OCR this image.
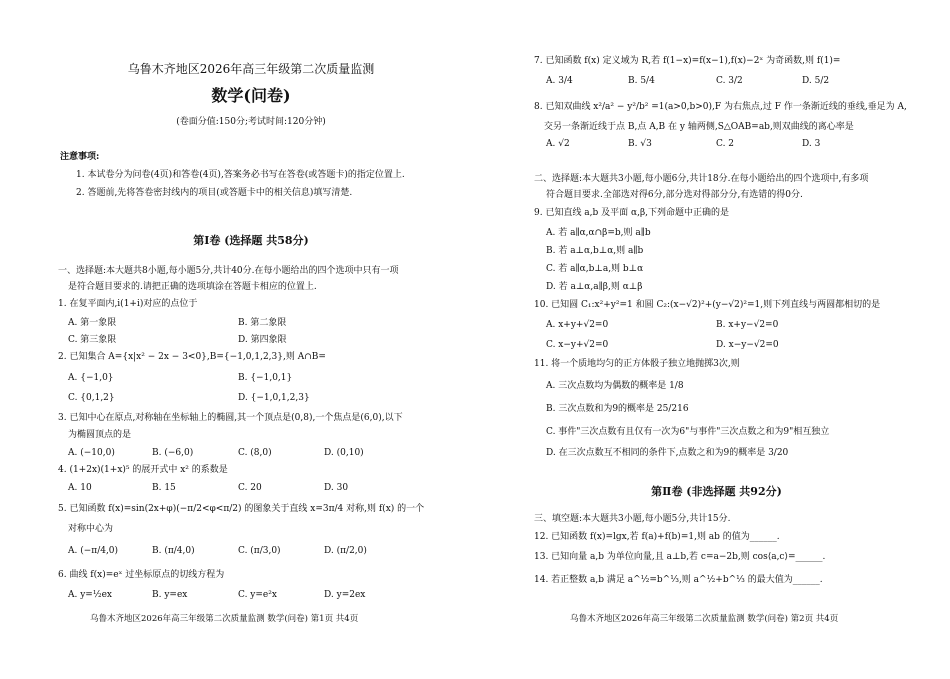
乌鲁木齐地区2026年高三年级第二次质量监测
数学(问卷)
(卷面分值:150分;考试时间:120分钟)
注意事项:
1. 本试卷分为问卷(4页)和答卷(4页),答案务必书写在答卷(或答题卡)的指定位置上.
2. 答题前,先将答卷密封线内的项目(或答题卡中的相关信息)填写清楚.
第Ⅰ卷 (选择题 共58分)
一、选择题:本大题共8小题,每小题5分,共计40分.在每小题给出的四个选项中只有一项
是符合题目要求的.请把正确的选项填涂在答题卡相应的位置上.
1. 在复平面内,i(1+i)对应的点位于
A. 第一象限	B. 第二象限
C. 第三象限	D. 第四象限
2. 已知集合 A={x|x² − 2x − 3<0},B={−1,0,1,2,3},则 A∩B=
A. {−1,0}	B. {−1,0,1}
C. {0,1,2}	D. {−1,0,1,2,3}
3. 已知中心在原点,对称轴在坐标轴上的椭圆,其一个顶点是(0,8),一个焦点是(6,0),以下
为椭圆顶点的是
A. (−10,0)	B. (−6,0)	C. (8,0)	D. (0,10)
4. (1+2x)(1+x)⁵ 的展开式中 x² 的系数是
A. 10	B. 15	C. 20	D. 30
5. 已知函数 f(x)=sin(2x+φ)(−π/2<φ<π/2) 的图象关于直线 x=3π/4 对称,则 f(x) 的一个
对称中心为
A. (−π/4,0)	B. (π/4,0)	C. (π/3,0)	D. (π/2,0)
6. 曲线 f(x)=eˣ 过坐标原点的切线方程为
A. y=½ex	B. y=ex	C. y=e²x	D. y=2ex
乌鲁木齐地区2026年高三年级第二次质量监测 数学(问卷) 第1页 共4页
7. 已知函数 f(x) 定义域为 R,若 f(1−x)=f(x−1),f(x)−2ˣ 为奇函数,则 f(1)=
A. 3/4	B. 5/4	C. 3/2	D. 5/2
8. 已知双曲线 x²/a² − y²/b² =1(a>0,b>0),F 为右焦点,过 F 作一条渐近线的垂线,垂足为 A,
交另一条渐近线于点 B,点 A,B 在 y 轴两侧,S△OAB=ab,则双曲线的离心率是
A. √2	B. √3	C. 2	D. 3
二、选择题:本大题共3小题,每小题6分,共计18分.在每小题给出的四个选项中,有多项
符合题目要求.全部选对得6分,部分选对得部分分,有选错的得0分.
9. 已知直线 a,b 及平面 α,β,下列命题中正确的是
A. 若 a∥α,α∩β=b,则 a∥b
B. 若 a⊥α,b⊥α,则 a∥b
C. 若 a∥α,b⊥a,则 b⊥α
D. 若 a⊥α,a∥β,则 α⊥β
10. 已知圆 C₁:x²+y²=1 和圆 C₂:(x−√2)²+(y−√2)²=1,则下列直线与两圆都相切的是
A. x+y+√2=0	B. x+y−√2=0
C. x−y+√2=0	D. x−y−√2=0
11. 将一个质地均匀的正方体骰子独立地抛掷3次,则
A. 三次点数均为偶数的概率是 1/8
B. 三次点数和为9的概率是 25/216
C. 事件"三次点数有且仅有一次为6"与事件"三次点数之和为9"相互独立
D. 在三次点数互不相同的条件下,点数之和为9的概率是 3/20
第Ⅱ卷 (非选择题 共92分)
三、填空题:本大题共3小题,每小题5分,共计15分.
12. 已知函数 f(x)=lgx,若 f(a)+f(b)=1,则 ab 的值为______.
13. 已知向量 a,b 为单位向量,且 a⊥b,若 c=a−2b,则 cos⟨a,c⟩=______.
14. 若正整数 a,b 满足 a^½=b^⅓,则 a^½+b^⅓ 的最大值为______.
乌鲁木齐地区2026年高三年级第二次质量监测 数学(问卷) 第2页 共4页
